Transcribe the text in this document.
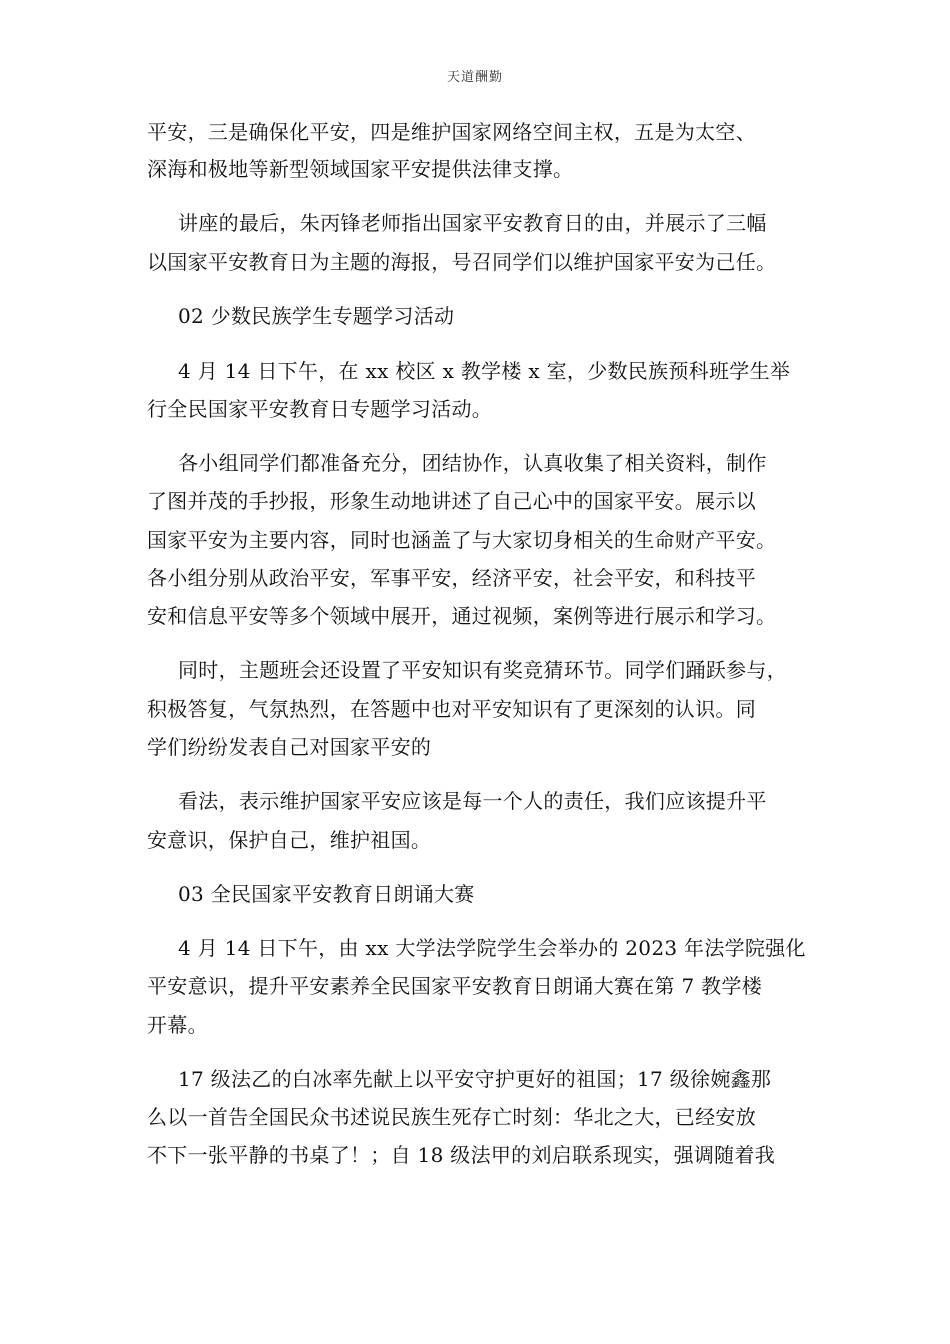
天道酬勤
平安，三是确保化平安，四是维护国家网络空间主权，五是为太空、
深海和极地等新型领域国家平安提供法律支撑。
讲座的最后，朱丙锋老师指出国家平安教育日的由，并展示了三幅
以国家平安教育日为主题的海报，号召同学们以维护国家平安为己任。
02 少数民族学生专题学习活动
4 月 14 日下午，在 xx 校区 x 教学楼 x 室，少数民族预科班学生举
行全民国家平安教育日专题学习活动。
各小组同学们都准备充分，团结协作，认真收集了相关资料，制作
了图并茂的手抄报，形象生动地讲述了自己心中的国家平安。展示以
国家平安为主要内容，同时也涵盖了与大家切身相关的生命财产平安。
各小组分别从政治平安，军事平安，经济平安，社会平安，和科技平
安和信息平安等多个领域中展开，通过视频，案例等进行展示和学习。
同时，主题班会还设置了平安知识有奖竞猜环节。同学们踊跃参与，
积极答复，气氛热烈，在答题中也对平安知识有了更深刻的认识。同
学们纷纷发表自己对国家平安的
看法，表示维护国家平安应该是每一个人的责任，我们应该提升平
安意识，保护自己，维护祖国。
03 全民国家平安教育日朗诵大赛
4 月 14 日下午，由 xx 大学法学院学生会举办的 2023 年法学院强化
平安意识，提升平安素养全民国家平安教育日朗诵大赛在第 7 教学楼
开幕。
17 级法乙的白冰率先献上以平安守护更好的祖国；17 级徐婉鑫那
么以一首告全国民众书述说民族生死存亡时刻：华北之大，已经安放
不下一张平静的书桌了！；自 18 级法甲的刘启联系现实，强调随着我
